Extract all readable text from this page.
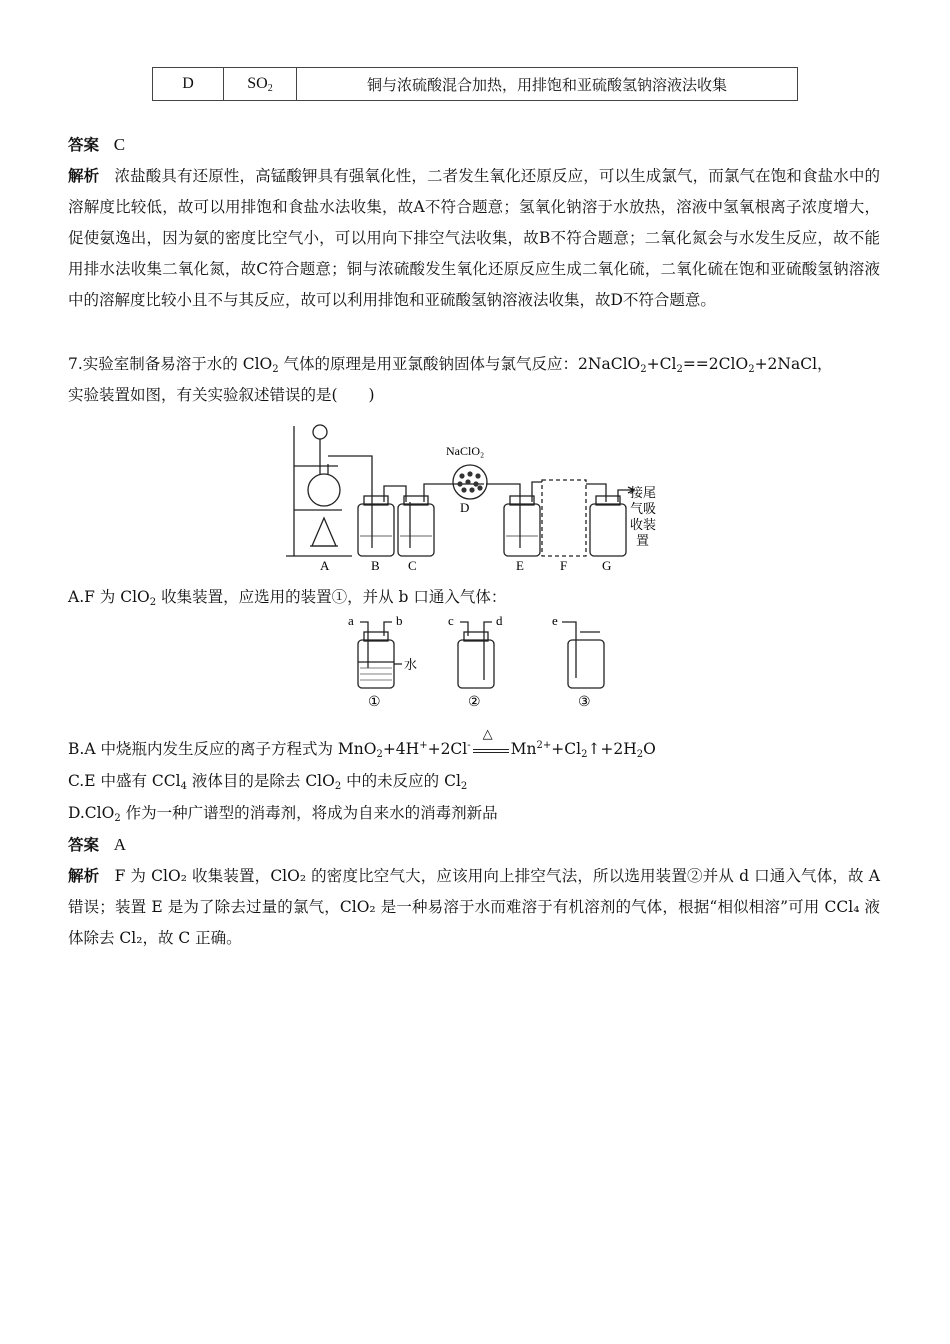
D	$SO_2$	铜与浓硫酸混合加热，用排饱和亚硫酸氢钠溶液法收集
答案 C
解析 浓盐酸具有还原性，高锰酸钾具有强氧化性，二者发生氧化还原反应，可以生成氯气，而氯气在饱和食盐水中的溶解度比较低，故可以用排饱和食盐水法收集，故A不符合题意；氢氧化钠溶于水放热，溶液中氢氧根离子浓度增大，促使氨逸出，因为氨的密度比空气小，可以用向下排空气法收集，故B不符合题意；二氧化氮会与水发生反应，故不能用排水法收集二氧化氮，故C符合题意；铜与浓硫酸发生氧化还原反应生成二氧化硫，二氧化硫在饱和亚硫酸氢钠溶液中的溶解度比较小且不与其反应，故可以利用排饱和亚硫酸氢钠溶液法收集，故D不符合题意。
7.实验室制备易溶于水的 ClO$_2$ 气体的原理是用亚氯酸钠固体与氯气反应：$2NaClO_2+Cl_2==2ClO_2+2NaCl$，
实验装置如图，有关实验叙述错误的是(　　)
NaClO₂
A	B C
D
E	F	G
接尾
气吸
收装
置
A.F 为 ClO$_2$ 收集装置，应选用的装置①，并从 b 口通入气体：
a	b	c	d	e
水
①	②	③
B.A 中烧瓶内发生反应的离子方程式为 MnO$_2$+4H++2Cl-
△
$Mn^{2+}+Cl_2↑+2H_2O$
C.E 中盛有 CCl$_4$ 液体目的是除去 ClO$_2$ 中的未反应的 $Cl_2$
D.ClO$_2$ 作为一种广谱型的消毒剂，将成为自来水的消毒剂新品
答案 A
解析 F 为 ClO₂ 收集装置，ClO₂ 的密度比空气大，应该用向上排空气法，所以选用装置②并从 d 口通入气体，故 A 错误；装置 E 是为了除去过量的氯气，ClO₂ 是一种易溶于水而难溶于有机溶剂的气体，根据“相似相溶”可用 CCl₄ 液体除去 Cl₂，故 C 正确。
